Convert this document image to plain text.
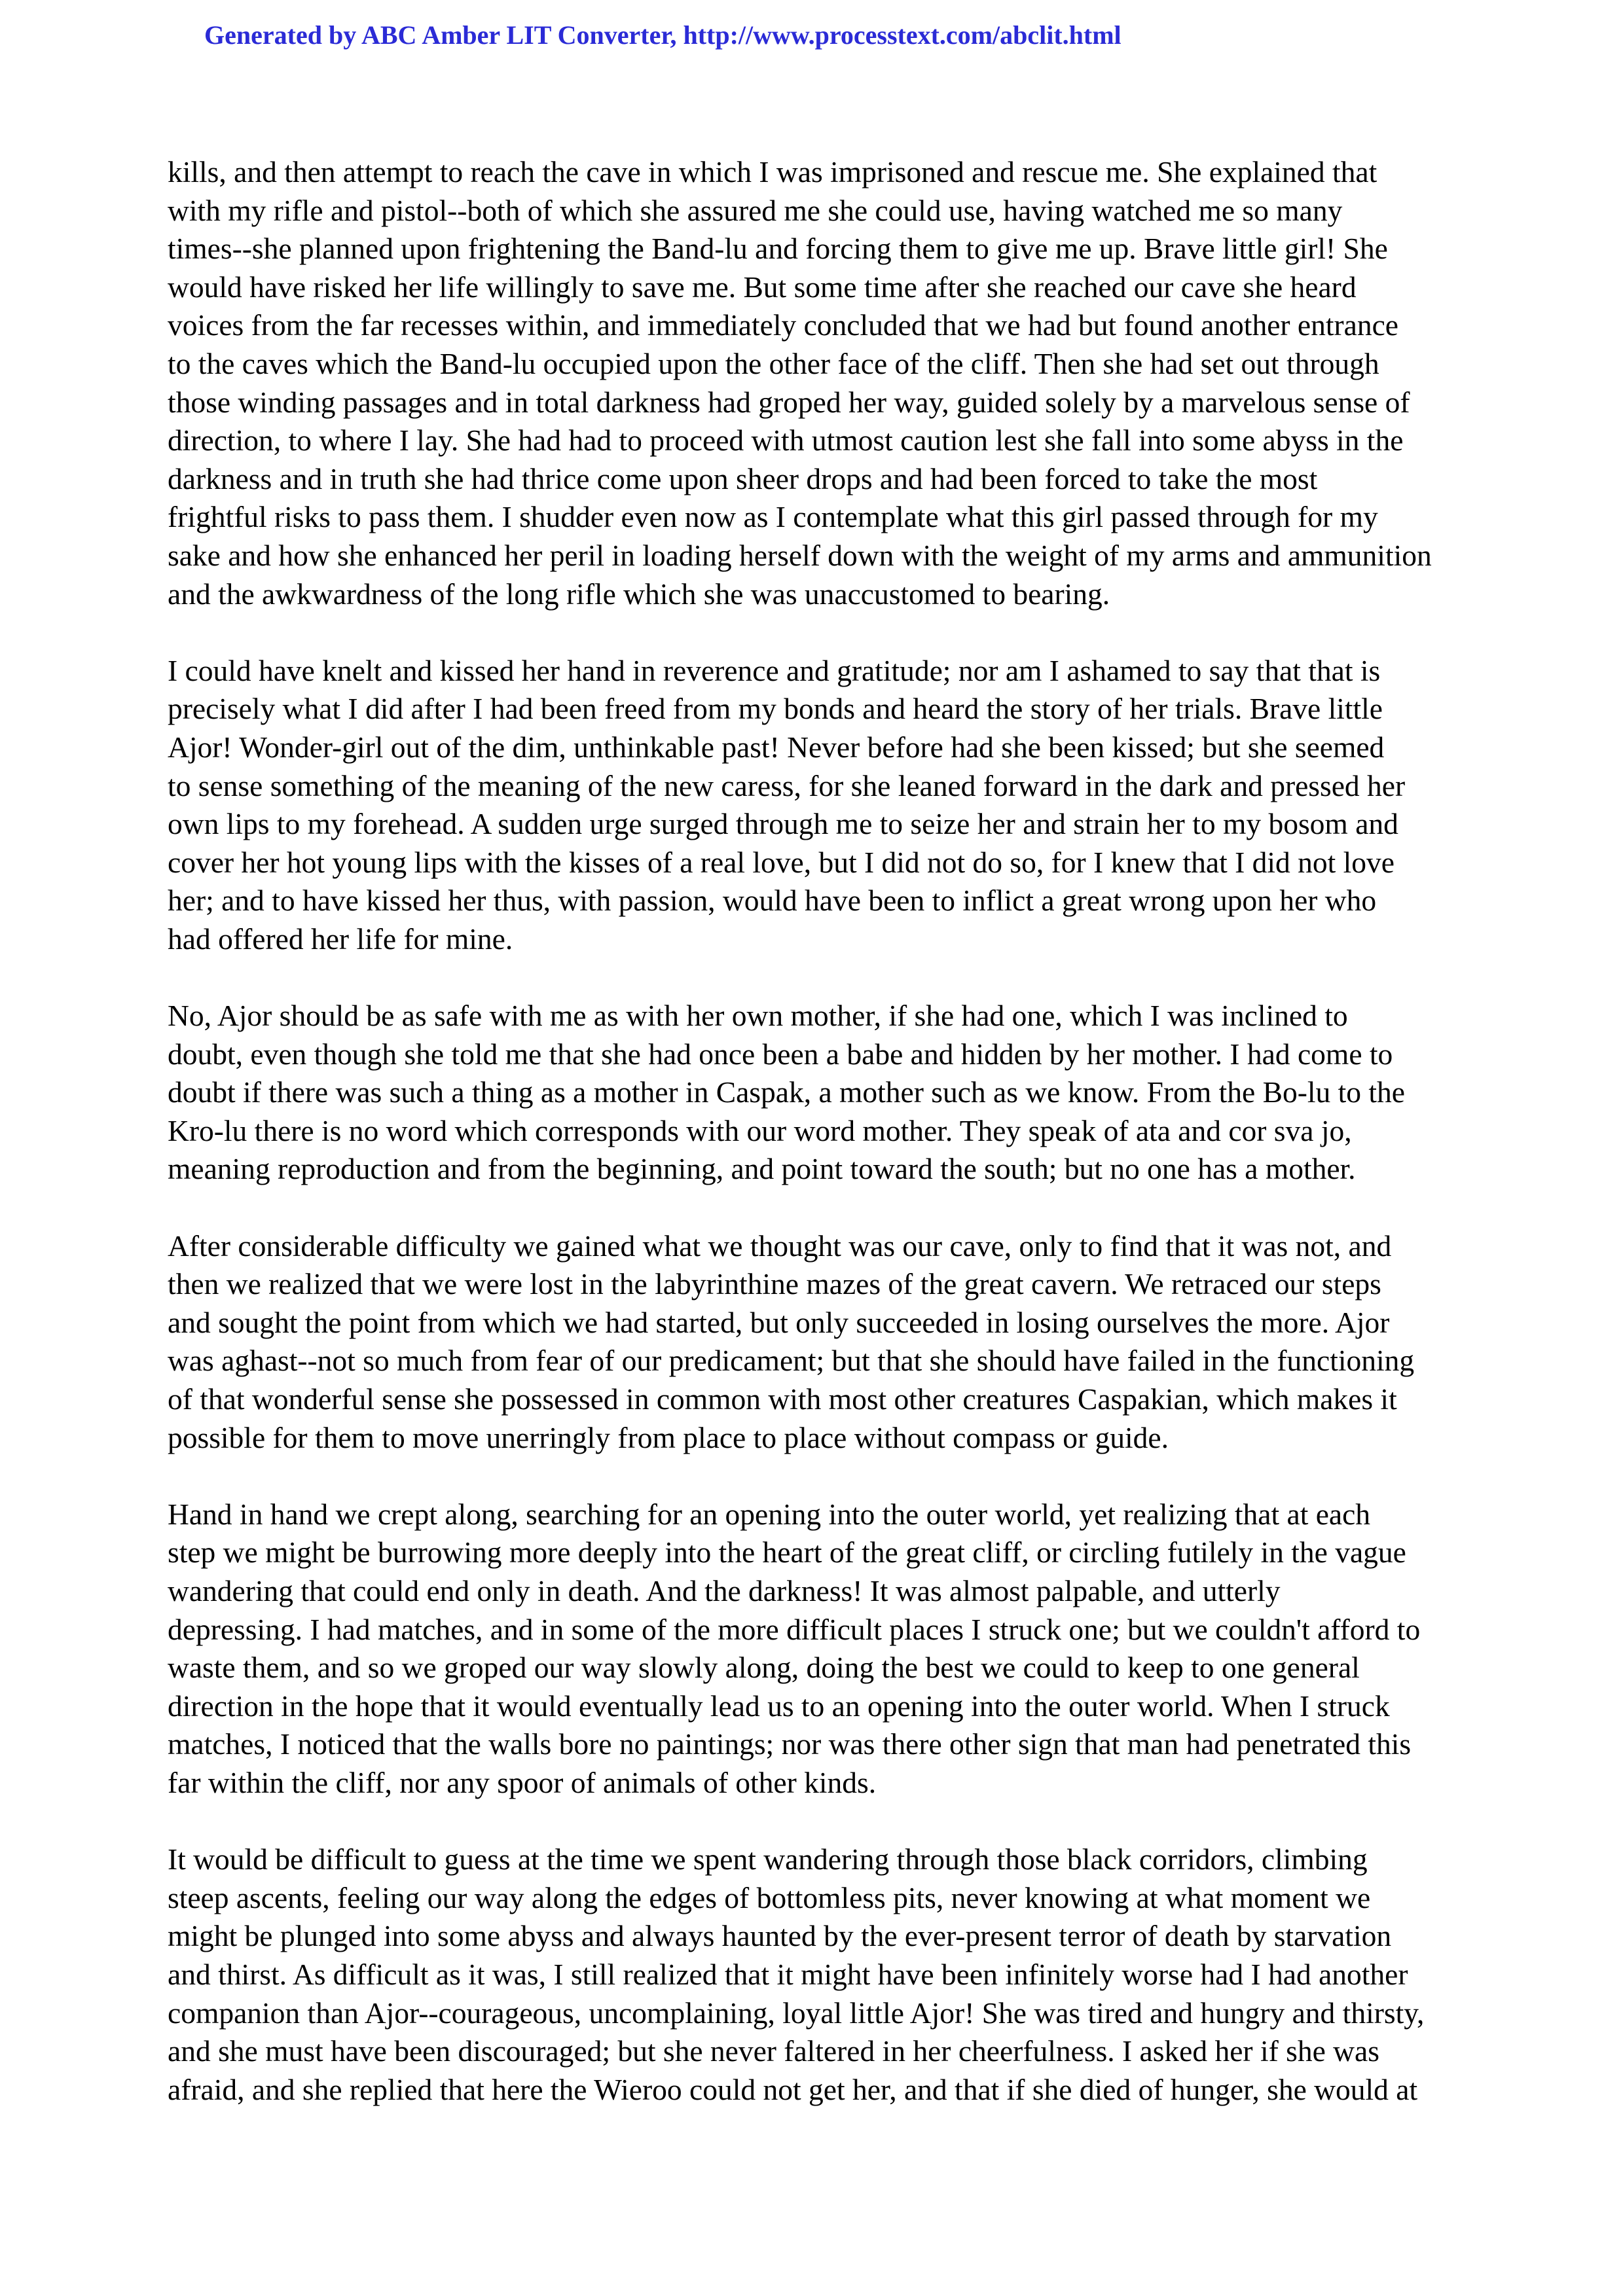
Generated by ABC Amber LIT Converter, http://www.processtext.com/abclit.html

kills, and then attempt to reach the cave in which I was imprisoned and rescue me. She explained that
with my rifle and pistol--both of which she assured me she could use, having watched me so many
times--she planned upon frightening the Band-lu and forcing them to give me up. Brave little girl! She
would have risked her life willingly to save me. But some time after she reached our cave she heard
voices from the far recesses within, and immediately concluded that we had but found another entrance
to the caves which the Band-lu occupied upon the other face of the cliff. Then she had set out through
those winding passages and in total darkness had groped her way, guided solely by a marvelous sense of
direction, to where I lay. She had had to proceed with utmost caution lest she fall into some abyss in the
darkness and in truth she had thrice come upon sheer drops and had been forced to take the most
frightful risks to pass them. I shudder even now as I contemplate what this girl passed through for my
sake and how she enhanced her peril in loading herself down with the weight of my arms and ammunition
and the awkwardness of the long rifle which she was unaccustomed to bearing.

I could have knelt and kissed her hand in reverence and gratitude; nor am I ashamed to say that that is
precisely what I did after I had been freed from my bonds and heard the story of her trials. Brave little
Ajor! Wonder-girl out of the dim, unthinkable past! Never before had she been kissed; but she seemed
to sense something of the meaning of the new caress, for she leaned forward in the dark and pressed her
own lips to my forehead. A sudden urge surged through me to seize her and strain her to my bosom and
cover her hot young lips with the kisses of a real love, but I did not do so, for I knew that I did not love
her; and to have kissed her thus, with passion, would have been to inflict a great wrong upon her who
had offered her life for mine.

No, Ajor should be as safe with me as with her own mother, if she had one, which I was inclined to
doubt, even though she told me that she had once been a babe and hidden by her mother. I had come to
doubt if there was such a thing as a mother in Caspak, a mother such as we know. From the Bo-lu to the
Kro-lu there is no word which corresponds with our word mother. They speak of ata and cor sva jo,
meaning reproduction and from the beginning, and point toward the south; but no one has a mother.

After considerable difficulty we gained what we thought was our cave, only to find that it was not, and
then we realized that we were lost in the labyrinthine mazes of the great cavern. We retraced our steps
and sought the point from which we had started, but only succeeded in losing ourselves the more. Ajor
was aghast--not so much from fear of our predicament; but that she should have failed in the functioning
of that wonderful sense she possessed in common with most other creatures Caspakian, which makes it
possible for them to move unerringly from place to place without compass or guide.

Hand in hand we crept along, searching for an opening into the outer world, yet realizing that at each
step we might be burrowing more deeply into the heart of the great cliff, or circling futilely in the vague
wandering that could end only in death. And the darkness! It was almost palpable, and utterly
depressing. I had matches, and in some of the more difficult places I struck one; but we couldn't afford to
waste them, and so we groped our way slowly along, doing the best we could to keep to one general
direction in the hope that it would eventually lead us to an opening into the outer world. When I struck
matches, I noticed that the walls bore no paintings; nor was there other sign that man had penetrated this
far within the cliff, nor any spoor of animals of other kinds.

It would be difficult to guess at the time we spent wandering through those black corridors, climbing
steep ascents, feeling our way along the edges of bottomless pits, never knowing at what moment we
might be plunged into some abyss and always haunted by the ever-present terror of death by starvation
and thirst. As difficult as it was, I still realized that it might have been infinitely worse had I had another
companion than Ajor--courageous, uncomplaining, loyal little Ajor! She was tired and hungry and thirsty,
and she must have been discouraged; but she never faltered in her cheerfulness. I asked her if she was
afraid, and she replied that here the Wieroo could not get her, and that if she died of hunger, she would at
